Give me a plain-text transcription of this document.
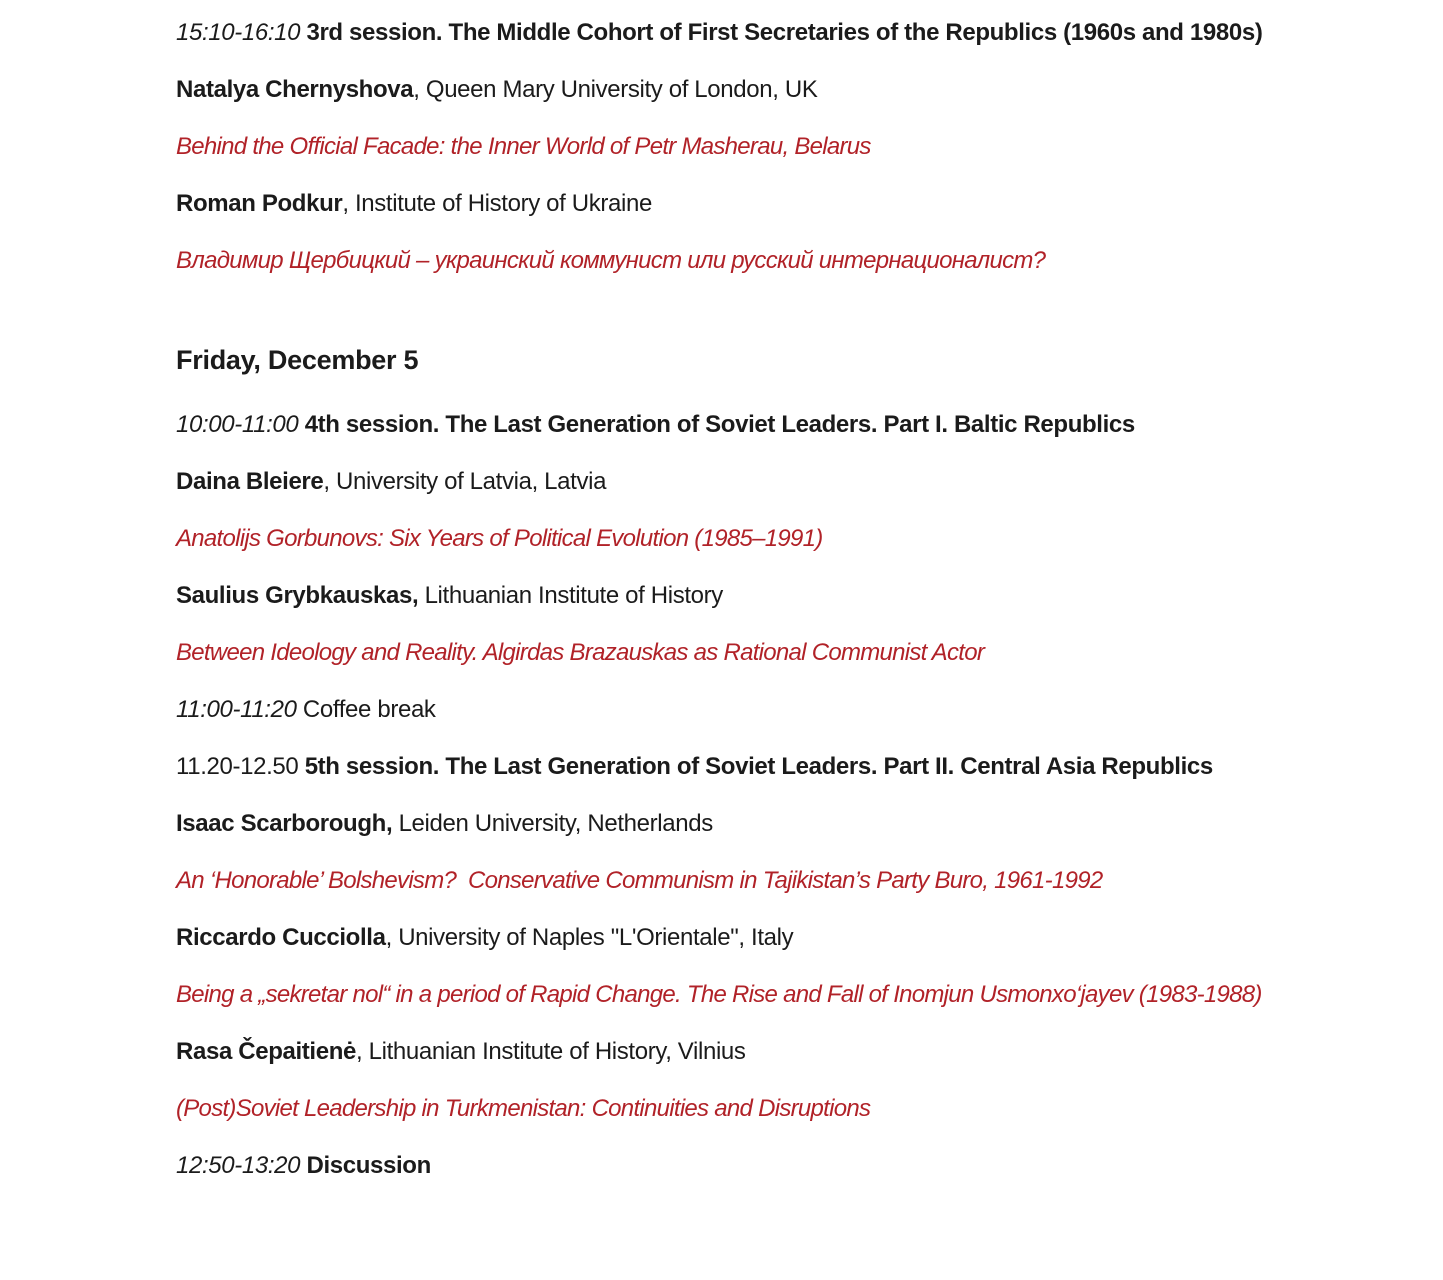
15:10-16:10 3rd session. The Middle Cohort of First Secretaries of the Republics (1960s and 1980s)

Natalya Chernyshova, Queen Mary University of London, UK

Behind the Official Facade: the Inner World of Petr Masherau, Belarus

Roman Podkur, Institute of History of Ukraine

Владимир Щербицкий – украинский коммунист или русский интернационалист?

Friday, December 5

10:00-11:00 4th session. The Last Generation of Soviet Leaders. Part I. Baltic Republics

Daina Bleiere, University of Latvia, Latvia

Anatolijs Gorbunovs: Six Years of Political Evolution (1985–1991)

Saulius Grybkauskas, Lithuanian Institute of History

Between Ideology and Reality. Algirdas Brazauskas as Rational Communist Actor

11:00-11:20 Coffee break

11.20-12.50 5th session. The Last Generation of Soviet Leaders. Part II. Central Asia Republics

Isaac Scarborough, Leiden University, Netherlands

An ‘Honorable’ Bolshevism?  Conservative Communism in Tajikistan’s Party Buro, 1961-1992

Riccardo Cucciolla, University of Naples "L'Orientale", Italy

Being a „sekretar nol“ in a period of Rapid Change. The Rise and Fall of Inomjun Usmonxo‘jayev (1983-1988)

Rasa Čepaitienė, Lithuanian Institute of History, Vilnius

(Post)Soviet Leadership in Turkmenistan: Continuities and Disruptions

12:50-13:20 Discussion
